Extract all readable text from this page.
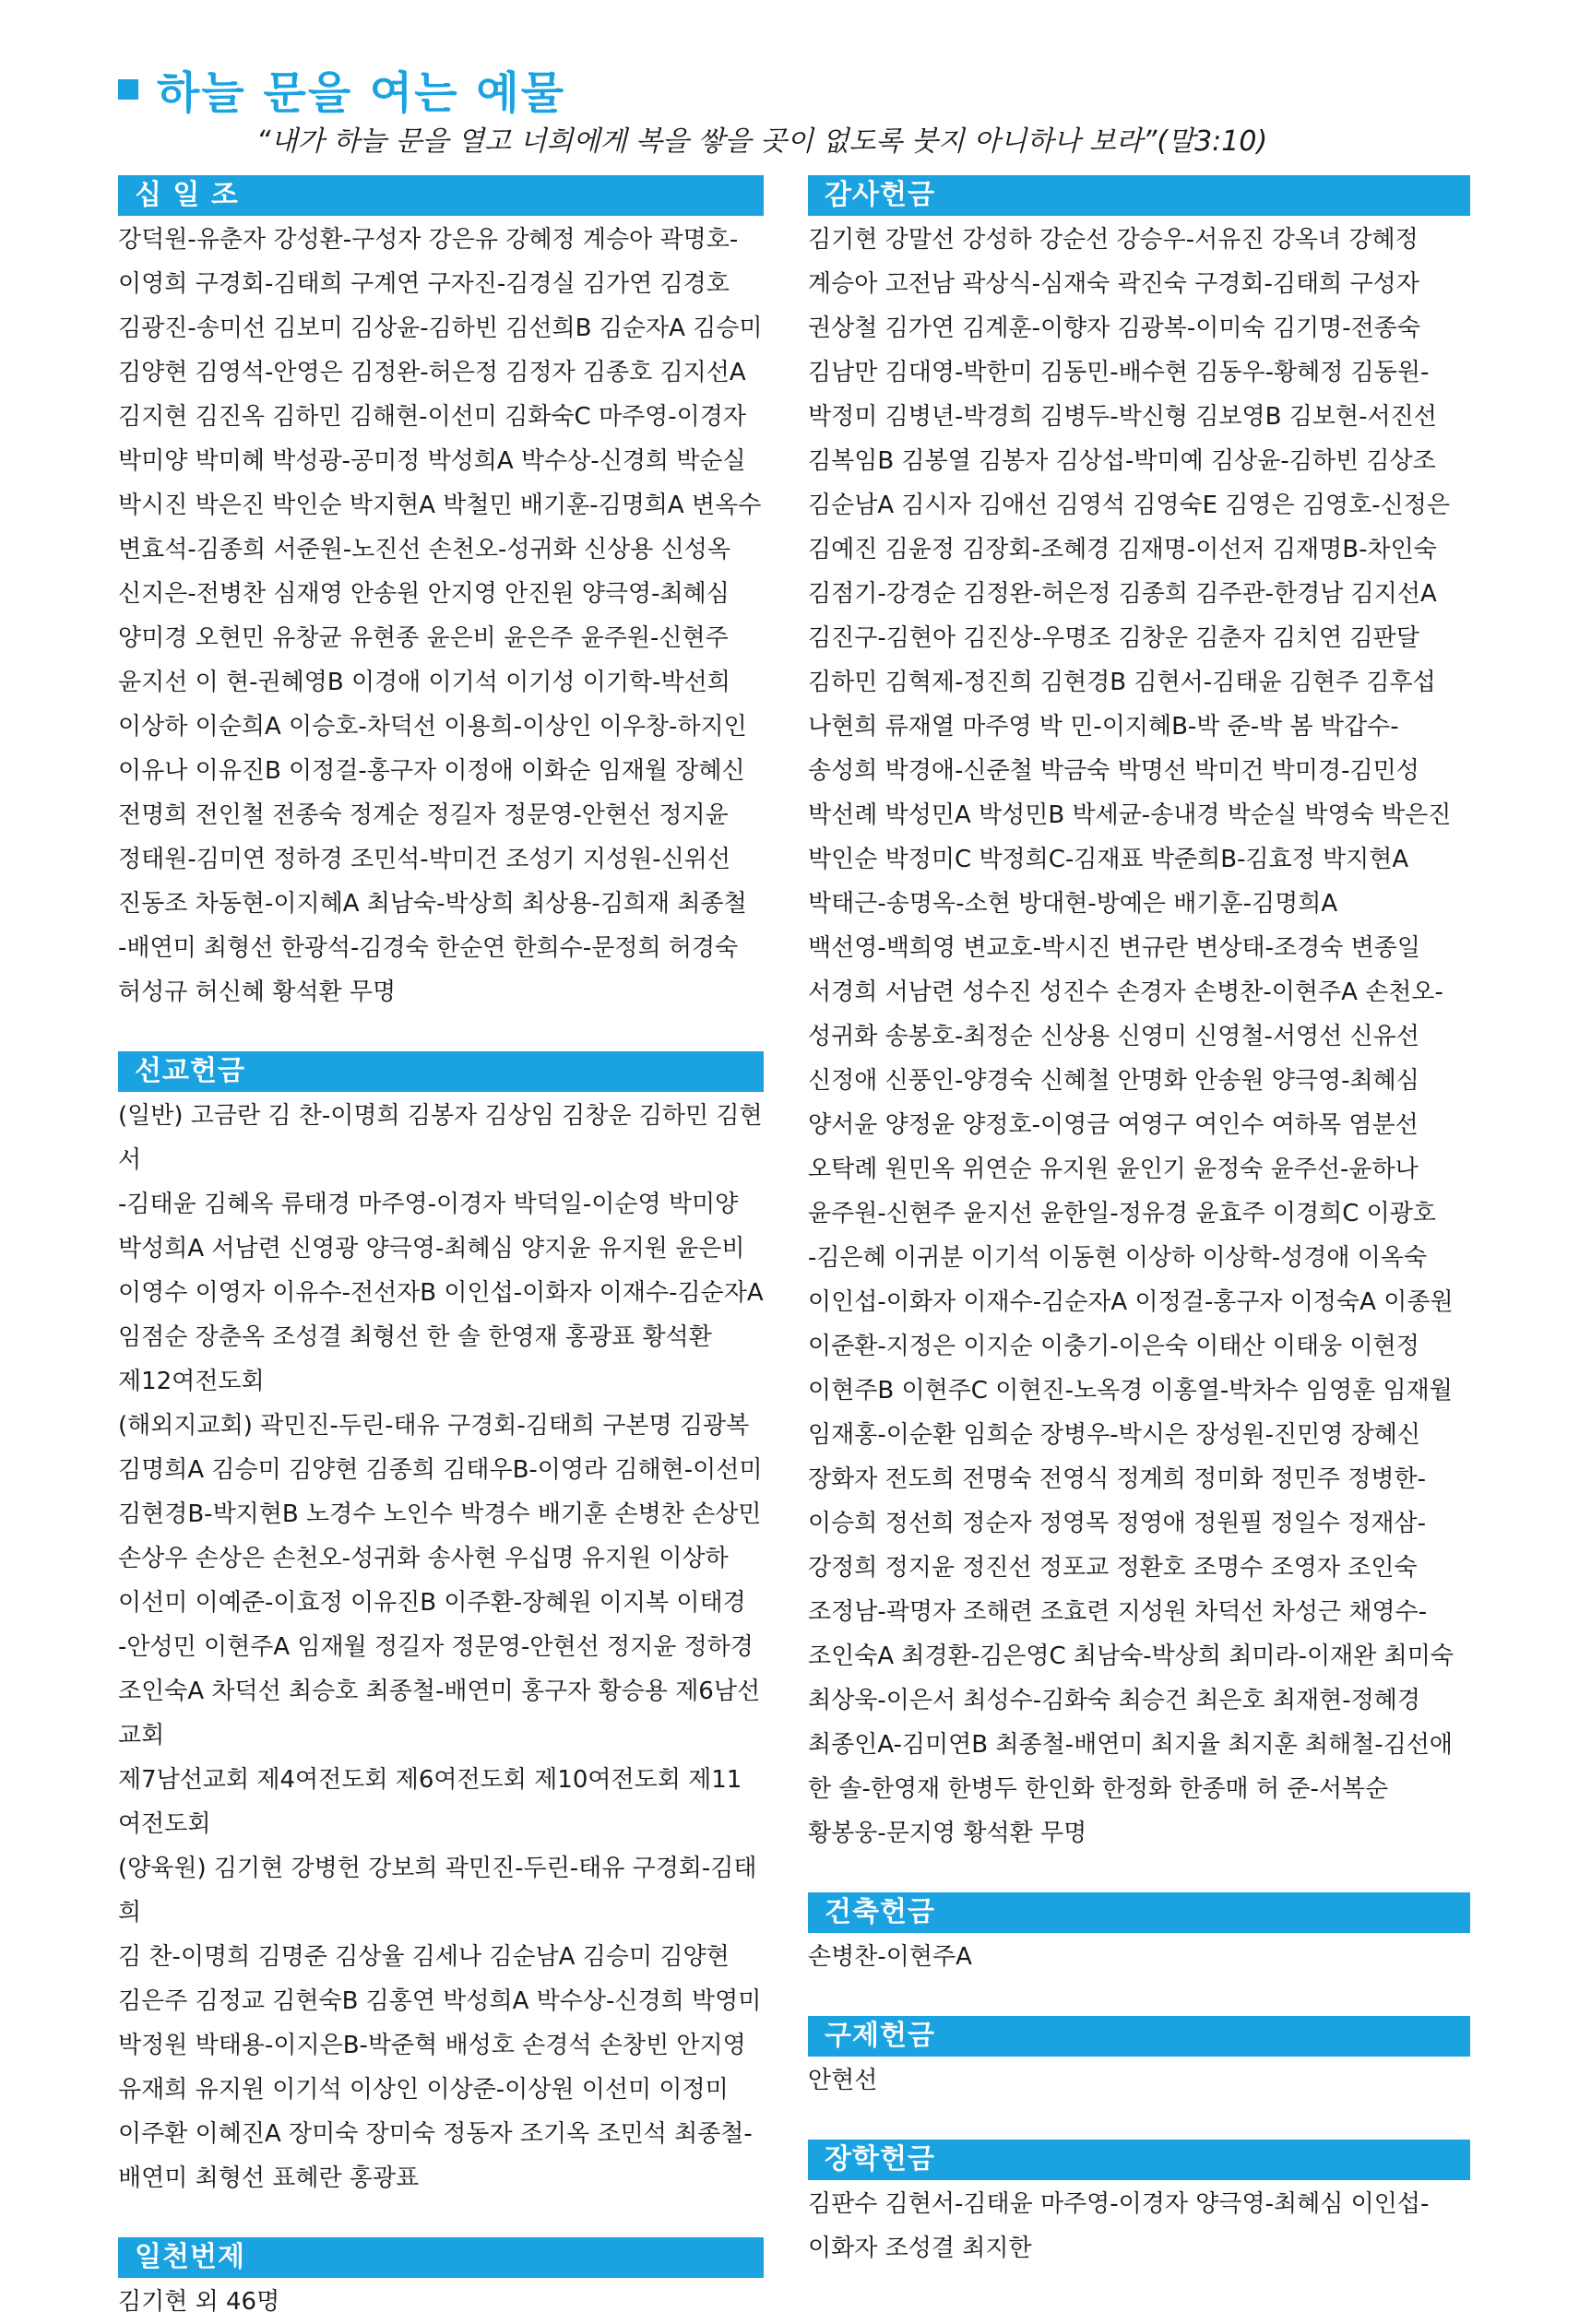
하늘 문을 여는 예물
“내가 하늘 문을 열고 너희에게 복을 쌓을 곳이 없도록 붓지 아니하나 보라”(말3:10)
십 일 조

강덕원-유춘자 강성환-구성자 강은유 강혜정 계승아 곽명호-
이영희 구경회-김태희 구계연 구자진-김경실 김가연 김경호
김광진-송미선 김보미 김상윤-김하빈 김선희B 김순자A 김승미
김양현 김영석-안영은 김정완-허은정 김정자 김종호 김지선A
김지현 김진옥 김하민 김해현-이선미 김화숙C 마주영-이경자
박미양 박미혜 박성광-공미정 박성희A 박수상-신경희 박순실
박시진 박은진 박인순 박지현A 박철민 배기훈-김명희A 변옥수
변효석-김종희 서준원-노진선 손천오-성귀화 신상용 신성옥
신지은-전병찬 심재영 안송원 안지영 안진원 양극영-최혜심
양미경 오현민 유창균 유현종 윤은비 윤은주 윤주원-신현주
윤지선 이 현-권혜영B 이경애 이기석 이기성 이기학-박선희
이상하 이순희A 이승호-차덕선 이용희-이상인 이우창-하지인
이유나 이유진B 이정걸-홍구자 이정애 이화순 임재월 장혜신
전명희 전인철 전종숙 정계순 정길자 정문영-안현선 정지윤
정태원-김미연 정하경 조민석-박미건 조성기 지성원-신위선
진동조 차동현-이지혜A 최남숙-박상희 최상용-김희재 최종철
-배연미 최형선 한광석-김경숙 한순연 한희수-문정희 허경숙
허성규 허신혜 황석환 무명

선교헌금

(일반) 고금란 김 찬-이명희 김봉자 김상임 김창운 김하민 김현서
-김태윤 김혜옥 류태경 마주영-이경자 박덕일-이순영 박미양
박성희A 서남련 신영광 양극영-최혜심 양지윤 유지원 윤은비
이영수 이영자 이유수-전선자B 이인섭-이화자 이재수-김순자A
임점순 장춘옥 조성결 최형선 한 솔 한영재 홍광표 황석환
제12여전도회
(해외지교회) 곽민진-두린-태유 구경회-김태희 구본명 김광복
김명희A 김승미 김양현 김종희 김태우B-이영라 김해현-이선미
김현경B-박지현B 노경수 노인수 박경수 배기훈 손병찬 손상민
손상우 손상은 손천오-성귀화 송사현 우십명 유지원 이상하
이선미 이예준-이효정 이유진B 이주환-장혜원 이지복 이태경
-안성민 이현주A 임재월 정길자 정문영-안현선 정지윤 정하경
조인숙A 차덕선 최승호 최종철-배연미 홍구자 황승용 제6남선교회
제7남선교회 제4여전도회 제6여전도회 제10여전도회 제11여전도회
(양육원) 김기현 강병헌 강보희 곽민진-두린-태유 구경회-김태희
김 찬-이명희 김명준 김상율 김세나 김순남A 김승미 김양현
김은주 김정교 김현숙B 김홍연 박성희A 박수상-신경희 박영미
박정원 박태용-이지은B-박준혁 배성호 손경석 손창빈 안지영
유재희 유지원 이기석 이상인 이상준-이상원 이선미 이정미
이주환 이혜진A 장미숙 장미숙 정동자 조기옥 조민석 최종철-
배연미 최형선 표혜란 홍광표

일천번제

김기현 외 46명

감사헌금

김기현 강말선 강성하 강순선 강승우-서유진 강옥녀 강혜정
계승아 고전남 곽상식-심재숙 곽진숙 구경회-김태희 구성자
권상철 김가연 김계훈-이향자 김광복-이미숙 김기명-전종숙
김남만 김대영-박한미 김동민-배수현 김동우-황혜정 김동원-
박정미 김병년-박경희 김병두-박신형 김보영B 김보현-서진선
김복임B 김봉열 김봉자 김상섭-박미예 김상윤-김하빈 김상조
김순남A 김시자 김애선 김영석 김영숙E 김영은 김영호-신정은
김예진 김윤정 김장회-조혜경 김재명-이선저 김재명B-차인숙
김점기-강경순 김정완-허은정 김종희 김주관-한경남 김지선A
김진구-김현아 김진상-우명조 김창운 김춘자 김치연 김판달
김하민 김혁제-정진희 김현경B 김현서-김태윤 김현주 김후섭
나현희 류재열 마주영 박 민-이지혜B-박 준-박 봄 박갑수-
송성희 박경애-신준철 박금숙 박명선 박미건 박미경-김민성
박선례 박성민A 박성민B 박세균-송내경 박순실 박영숙 박은진
박인순 박정미C 박정희C-김재표 박준희B-김효정 박지현A
박태근-송명옥-소현 방대현-방예은 배기훈-김명희A
백선영-백희영 변교호-박시진 변규란 변상태-조경숙 변종일
서경희 서남련 성수진 성진수 손경자 손병찬-이현주A 손천오-
성귀화 송봉호-최정순 신상용 신영미 신영철-서영선 신유선
신정애 신풍인-양경숙 신혜철 안명화 안송원 양극영-최혜심
양서윤 양정윤 양정호-이영금 여영구 여인수 여하목 염분선
오탁례 원민옥 위연순 유지원 윤인기 윤정숙 윤주선-윤하나
윤주원-신현주 윤지선 윤한일-정유경 윤효주 이경희C 이광호
-김은혜 이귀분 이기석 이동현 이상하 이상학-성경애 이옥숙
이인섭-이화자 이재수-김순자A 이정걸-홍구자 이정숙A 이종원
이준환-지정은 이지순 이충기-이은숙 이태산 이태웅 이현정
이현주B 이현주C 이현진-노옥경 이홍열-박차수 임영훈 임재월
임재홍-이순환 임희순 장병우-박시은 장성원-진민영 장혜신
장화자 전도희 전명숙 전영식 정계희 정미화 정민주 정병한-
이승희 정선희 정순자 정영목 정영애 정원필 정일수 정재삼-
강정희 정지윤 정진선 정포교 정환호 조명수 조영자 조인숙
조정남-곽명자 조해련 조효련 지성원 차덕선 차성근 채영수-
조인숙A 최경환-김은영C 최남숙-박상희 최미라-이재완 최미숙
최상욱-이은서 최성수-김화숙 최승건 최은호 최재현-정혜경
최종인A-김미연B 최종철-배연미 최지율 최지훈 최해철-김선애
한 솔-한영재 한병두 한인화 한정화 한종매 허 준-서복순
황봉웅-문지영 황석환 무명

건축헌금

손병찬-이현주A

구제헌금

안현선

장학헌금

김판수 김현서-김태윤 마주영-이경자 양극영-최혜심 이인섭-
이화자 조성결 최지한
